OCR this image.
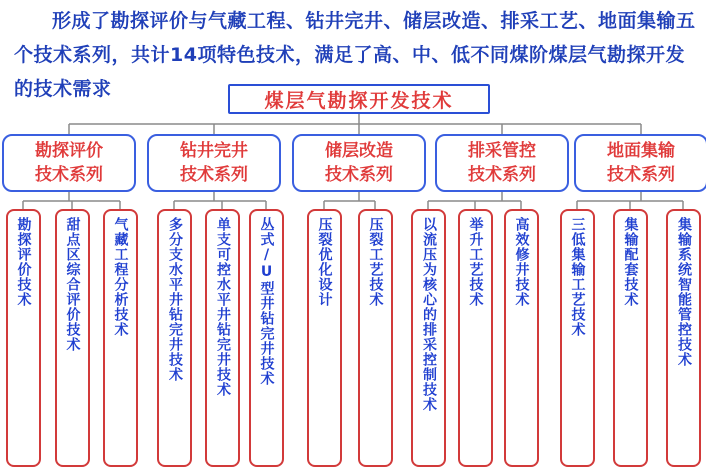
形成了勘探评价与气藏工程、钻井完井、储层改造、排采工艺、地面集输五个技术系列，共计14项特色技术，满足了高、中、低不同煤阶煤层气勘探开发的技术需求

煤层气勘探开发技术
勘探评价
技术系列
钻井完井
技术系列
储层改造
技术系列
排采管控
技术系列
地面集输
技术系列
勘探评价技术 甜点区综合评价技术 气藏工程分析技术	多分支水平井钻完井技术 单支可控水平井钻完井技术 丛式/U型井钻完井技术	压裂优化设计	压裂工艺技术	以流压为核心的排采控制技术 举升工艺技术 高效修井技术	三低集输工艺技术	集输配套技术	集输系统智能管控技术
